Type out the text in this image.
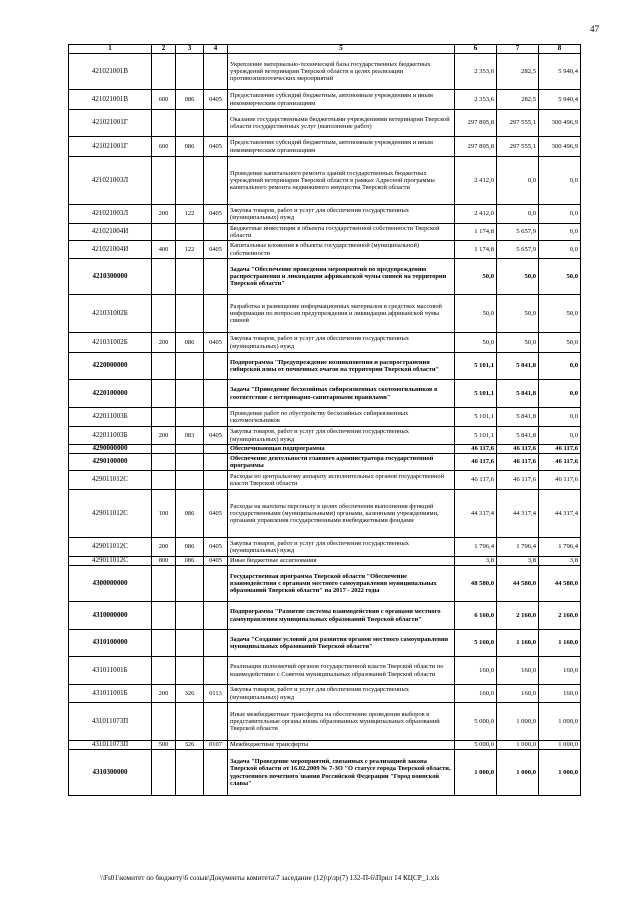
47
1	2	3	4	5	6	7	8
421021001В				Укрепление материально-технической базы государственных бюджетных учреждений ветеринарии Тверской области в целях реализации противоэпизоотических мероприятий	2 353,6	282,5	5 940,4
421021001В	600	086	0405	Предоставление субсидий бюджетным, автономным учреждениям и иным некоммерческим организациям	2 353,6	282,5	5 940,4
421021001Г				Оказание государственными бюджетными учреждениями ветеринарии Тверской области государственных услуг (выполнение работ)	297 895,8	297 555,1	300 496,9
421021001Г	600	086	0405	Предоставление субсидий бюджетным, автономным учреждениям и иным некоммерческим организациям	297 895,8	297 555,1	300 496,9
421021003Л				Проведение капитального ремонта зданий государственных бюджетных учреждений ветеринарии Тверской области в рамках Адресной программы капитального ремонта недвижимого имущества Тверской области	2 412,0	0,0	0,0
421021003Л	200	122	0405	Закупка товаров, работ и услуг для обеспечения государственных (муниципальных) нужд	2 412,0	0,0	0,0
421021004И				Бюджетные инвестиции в объекты государственной собственности Тверской области	1 174,8	5 657,9	0,0
421021004И	400	122	0405	Капитальные вложения в объекты государственной (муниципальной) собственности	1 174,8	5 657,9	0,0
4210300000				Задача "Обеспечение проведения мероприятий по предупреждению распространения и ликвидации африканской чумы свиней на территории Тверской области"	50,0	50,0	50,0
421031002Б				Разработка и размещение информационных материалов в средствах массовой информации по вопросам предупреждения и ликвидации африканской чумы свиней	50,0	50,0	50,0
421031002Б	200	086	0405	Закупка товаров, работ и услуг для обеспечения государственных (муниципальных) нужд	50,0	50,0	50,0
4220000000				Подпрограмма "Предупреждение возникновения и распространения сибирской язвы от почвенных очагов на территории Тверской области"	5 101,1	5 841,8	0,0
4220100000				Задача "Приведение бесхозяйных сибиреязвенных скотомогильников в соответствие с ветеринарно-санитарными правилами"	5 101,1	5 841,8	0,0
422011003Б				Проведение работ по обустройству бесхозяйных сибиреязвенных скотомогильников	5 101,1	5 841,8	0,0
422011003Б	200	083	0405	Закупка товаров, работ и услуг для обеспечения государственных (муниципальных) нужд	5 101,1	5 841,8	0,0
4290000000				Обеспечивающая подпрограмма	46 117,6	46 117,6	46 117,6
4290100000				Обеспечение деятельности главного администратора государственной программы	46 117,6	46 117,6	46 117,6
429011012С				Расходы по центральному аппарату исполнительных органов государственной власти Тверской области	46 117,6	46 117,6	46 117,6
429011012С	100	086	0405	Расходы на выплаты персоналу в целях обеспечения выполнения функций государственными (муниципальными) органами, казенными учреждениями, органами управления государственными внебюджетными фондами	44 317,4	44 317,4	44 317,4
429011012С	200	086	0405	Закупка товаров, работ и услуг для обеспечения государственных (муниципальных) нужд	1 796,4	1 796,4	1 796,4
429011012С	800	086	0405	Иные бюджетные ассигнования	3,8	3,8	3,8
4300000000				Государственная программа Тверской области "Обеспечение взаимодействия с органами местного самоуправления муниципальных образований Тверской области" на 2017 - 2022 годы	48 580,0	44 580,0	44 580,0
4310000000				Подпрограмма "Развитие системы взаимодействия с органами местного самоуправления муниципальных образований Тверской области"	6 160,0	2 160,0	2 160,0
4310100000				Задача "Создание условий для развития органов местного самоуправления муниципальных образований Тверской области"	5 160,0	1 160,0	1 160,0
431011001Б				Реализация полномочий органов государственной власти Тверской области по взаимодействию с Советом муниципальных образований Тверской области	160,0	160,0	160,0
431011001Б	200	326	0113	Закупка товаров, работ и услуг для обеспечения государственных (муниципальных) нужд	160,0	160,0	160,0
431011073П				Иные межбюджетные трансферты на обеспечение проведения выборов в представительные органы вновь образованных муниципальных образований Тверской области	5 000,0	1 000,0	1 000,0
431011073П	500	326	0107	Межбюджетные трансферты	5 000,0	1 000,0	1 000,0
4310300000				Задача "Проведение мероприятий, связанных с реализацией закона Тверской области от 16.02.2009 № 7-ЗО "О статусе города Тверской области, удостоенного почетного звания Российской Федерации "Город воинской славы"	1 000,0	1 000,0	1 000,0
\\Fs01\комитет по бюджету\6 созыв\Документы комитета\7 заседание (12)\р\зр(7) 132-П-6\Прил 14 КЦСР_1.xls
